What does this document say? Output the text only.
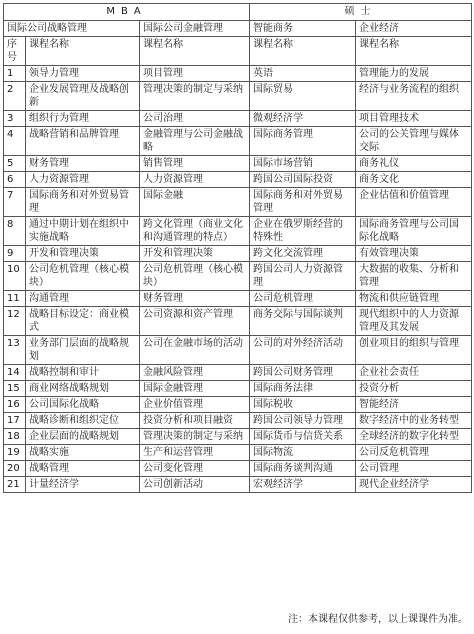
MBA			硕士	
国际公司战略管理		国际公司金融管理	智能商务	企业经济
序号	课程名称	课程名称	课程名称	课程名称
1	领导力管理	项目管理	英语	管理能力的发展
2	企业发展管理及战略创新	管理决策的制定与采纳	国际贸易	经济与业务流程的组织
3	组织行为管理	公司治理	微观经济学	项目管理技术
4	战略营销和品牌管理	金融管理与公司金融战略	国际商务管理	公司的公关管理与媒体交际
5	财务管理	销售管理	国际市场营销	商务礼仪
6	人力资源管理	人力资源管理	跨国公司国际投资	商务文化
7	国际商务和对外贸易管理	国际金融	国际商务和对外贸易管理	企业估值和价值管理
8	通过中期计划在组织中实施战略	跨文化管理（商业文化和沟通管理的特点）	企业在俄罗斯经营的特殊性	国际商务管理与公司国际化战略
9	开发和管理决策	开发和管理决策	跨文化交流管理	有效管理决策
10	公司危机管理（核心模块）	公司危机管理（核心模块）	跨国公司人力资源管理	大数据的收集、分析和管理
11	沟通管理	财务管理	公司危机管理	物流和供应链管理
12	战略目标设定：商业模式	公司资源和资产管理	商务交际与国际谈判	现代组织中的人力资源管理及其发展
13	业务部门层面的战略规划	公司在金融市场的活动	公司的对外经济活动	创业项目的组织与管理
14	战略控制和审计	金融风险管理	跨国公司财务管理	企业社会责任
15	商业网络战略规划	国际金融管理	国际商务法律	投资分析
16	公司国际化战略	企业价值管理	国际税收	智能经济
17	战略诊断和组织定位	投资分析和项目融资	跨国公司领导力管理	数字经济中的业务转型
18	企业层面的战略规划	管理决策的制定与采纳	国际货币与信贷关系	全球经济的数字化转型
19	战略实施	生产和运营管理	国际物流	公司反危机管理
20	战略管理	公司变化管理	国际商务谈判沟通	公司管理
21	计量经济学	公司创新活动	宏观经济学	现代企业经济学
注：本课程仅供参考，以上课课件为准。
